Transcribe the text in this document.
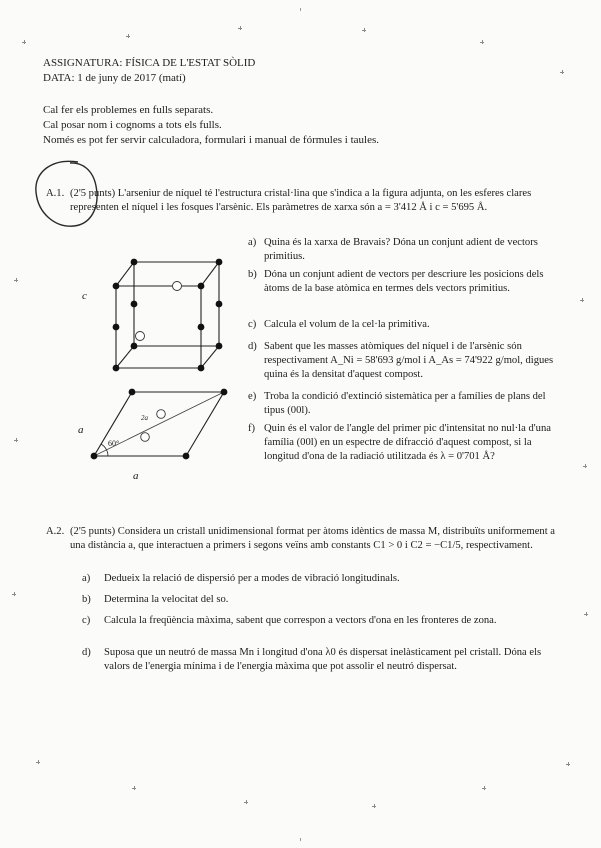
ASSIGNATURA: FÍSICA DE L'ESTAT SÒLID
DATA: 1 de juny de 2017 (matí)
Cal fer els problemes en fulls separats.
Cal posar nom i cognoms a tots els fulls.
Només es pot fer servir calculadora, formulari i manual de fórmules i taules.
A.1. (2'5 punts) L'arseniur de níquel té l'estructura cristal·lina que s'indica a la figura adjunta, on les esferes clares representen el níquel i les fosques l'arsènic. Els paràmetres de xarxa són a = 3'412 Å i c = 5'695 Å.
c
a
a
60°
2a
a) Quina és la xarxa de Bravais? Dóna un conjunt adient de vectors primitius.
b) Dóna un conjunt adient de vectors per descriure les posicions dels àtoms de la base atòmica en termes dels vectors primitius.
c) Calcula el volum de la cel·la primitiva.
d) Sabent que les masses atòmiques del níquel i de l'arsènic són respectivament A_Ni = 58'693 g/mol i A_As = 74'922 g/mol, digues quina és la densitat d'aquest compost.
e) Troba la condició d'extinció sistemàtica per a famílies de plans del tipus (00l).
f) Quin és el valor de l'angle del primer pic d'intensitat no nul·la d'una família (00l) en un espectre de difracció d'aquest compost, si la longitud d'ona de la radiació utilitzada és λ = 0'701 Å?
A.2. (2'5 punts) Considera un cristall unidimensional format per àtoms idèntics de massa M, distribuïts uniformement a una distància a, que interactuen a primers i segons veïns amb constants C1 > 0 i C2 = −C1/5, respectivament.
a) Dedueix la relació de dispersió per a modes de vibració longitudinals.
b) Determina la velocitat del so.
c) Calcula la freqüència màxima, sabent que correspon a vectors d'ona en les fronteres de zona.
d) Suposa que un neutró de massa Mn i longitud d'ona λ0 és dispersat inelàsticament pel cristall. Dóna els valors de l'energia mínima i de l'energia màxima que pot assolir el neutró dispersat.
